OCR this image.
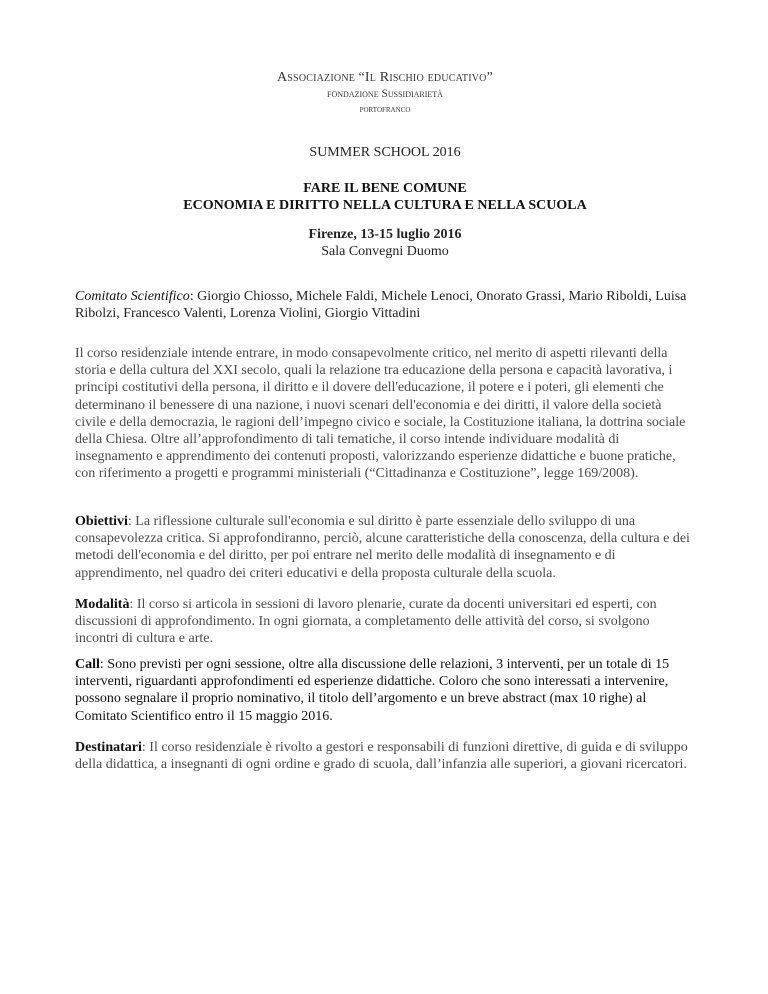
Associazione “Il Rischio educativo”
fondazione Sussidiarietà
portofranco
SUMMER SCHOOL 2016
FARE IL BENE COMUNE
ECONOMIA E DIRITTO NELLA CULTURA E NELLA SCUOLA
Firenze, 13-15 luglio 2016
Sala Convegni Duomo
Comitato Scientifico: Giorgio Chiosso, Michele Faldi, Michele Lenoci, Onorato Grassi, Mario Riboldi, Luisa Ribolzi, Francesco Valenti, Lorenza Violini, Giorgio Vittadini
Il corso residenziale intende entrare, in modo consapevolmente critico, nel merito di aspetti rilevanti della storia e della cultura del XXI secolo, quali la relazione tra educazione della persona e capacità lavorativa, i principi costitutivi della persona, il diritto e il dovere dell'educazione, il potere e i poteri, gli elementi che determinano il benessere di una nazione, i nuovi scenari dell'economia e dei diritti, il valore della società civile e della democrazia, le ragioni dell’impegno civico e sociale, la Costituzione italiana, la dottrina sociale della Chiesa. Oltre all’approfondimento di tali tematiche, il corso intende individuare modalità di insegnamento e apprendimento dei contenuti proposti, valorizzando esperienze didattiche e buone pratiche, con riferimento a progetti e programmi ministeriali (“Cittadinanza e Costituzione”, legge 169/2008).
Obiettivi: La riflessione culturale sull'economia e sul diritto è parte essenziale dello sviluppo di una consapevolezza critica. Si approfondiranno, perciò, alcune caratteristiche della conoscenza, della cultura e dei metodi dell'economia e del diritto, per poi entrare nel merito delle modalità di insegnamento e di apprendimento, nel quadro dei criteri educativi e della proposta culturale della scuola.
Modalità: Il corso si articola in sessioni di lavoro plenarie, curate da docenti universitari ed esperti, con discussioni di approfondimento. In ogni giornata, a completamento delle attività del corso, si svolgono incontri di cultura e arte.
Call: Sono previsti per ogni sessione, oltre alla discussione delle relazioni, 3 interventi, per un totale di 15 interventi, riguardanti approfondimenti ed esperienze didattiche. Coloro che sono interessati a intervenire, possono segnalare il proprio nominativo, il titolo dell’argomento e un breve abstract (max 10 righe) al Comitato Scientifico entro il 15 maggio 2016.
Destinatari: Il corso residenziale è rivolto a gestori e responsabili di funzioni direttive, di guida e di sviluppo della didattica, a insegnanti di ogni ordine e grado di scuola, dall’infanzia alle superiori, a giovani ricercatori.
